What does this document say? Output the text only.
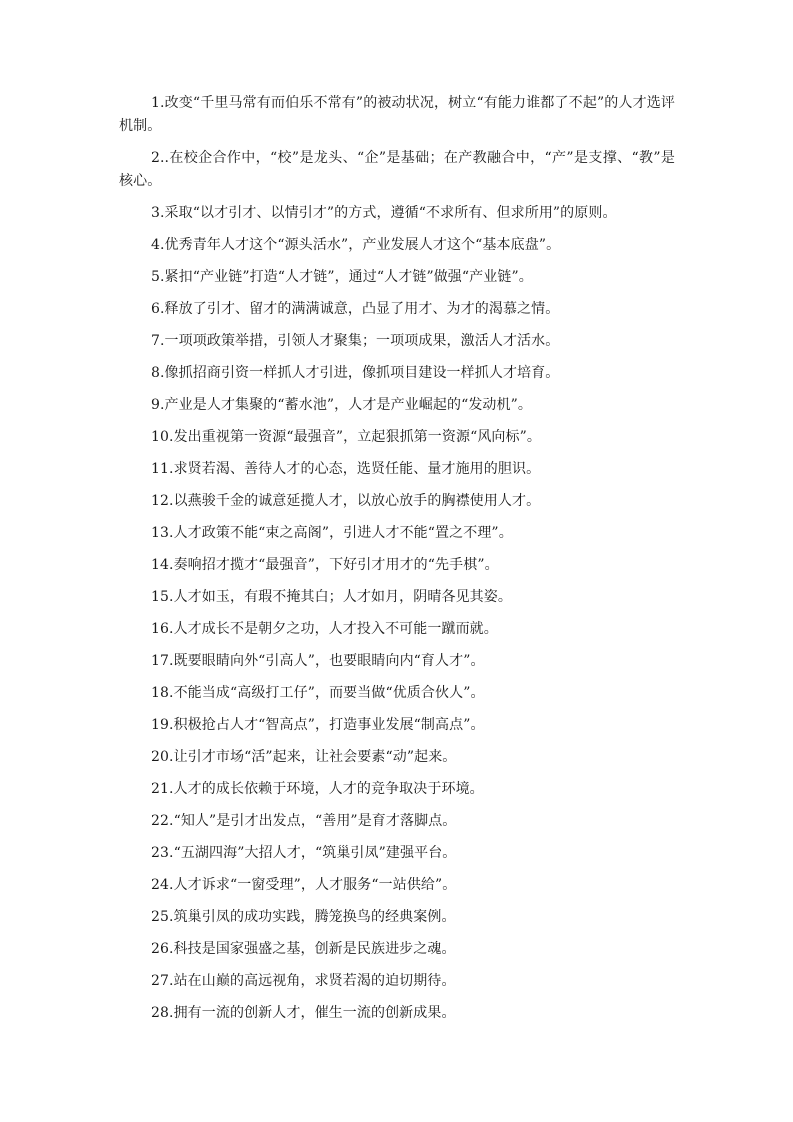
1.改变“千里马常有而伯乐不常有”的被动状况，树立“有能力谁都了不起”的人才选评机制。

2..在校企合作中，“校”是龙头、“企”是基础；在产教融合中，“产”是支撑、“教”是核心。

3.采取“以才引才、以情引才”的方式，遵循“不求所有、但求所用”的原则。

4.优秀青年人才这个“源头活水”，产业发展人才这个“基本底盘”。

5.紧扣“产业链”打造“人才链”，通过“人才链”做强“产业链”。

6.释放了引才、留才的满满诚意，凸显了用才、为才的渴慕之情。

7.一项项政策举措，引领人才聚集；一项项成果，激活人才活水。

8.像抓招商引资一样抓人才引进，像抓项目建设一样抓人才培育。

9.产业是人才集聚的“蓄水池”，人才是产业崛起的“发动机”。

10.发出重视第一资源“最强音”，立起狠抓第一资源“风向标”。

11.求贤若渴、善待人才的心态，选贤任能、量才施用的胆识。

12.以燕骏千金的诚意延揽人才，以放心放手的胸襟使用人才。

13.人才政策不能“束之高阁”，引进人才不能“置之不理”。

14.奏响招才揽才“最强音”，下好引才用才的“先手棋”。

15.人才如玉，有瑕不掩其白；人才如月，阴晴各见其姿。

16.人才成长不是朝夕之功，人才投入不可能一蹴而就。

17.既要眼睛向外“引高人”，也要眼睛向内“育人才”。

18.不能当成“高级打工仔”，而要当做“优质合伙人”。

19.积极抢占人才“智高点”，打造事业发展“制高点”。

20.让引才市场“活”起来，让社会要素“动”起来。

21.人才的成长依赖于环境，人才的竞争取决于环境。

22.“知人”是引才出发点，“善用”是育才落脚点。

23.“五湖四海”大招人才，“筑巢引凤”建强平台。

24.人才诉求“一窗受理”，人才服务“一站供给”。

25.筑巢引凤的成功实践，腾笼换鸟的经典案例。

26.科技是国家强盛之基，创新是民族进步之魂。

27.站在山巅的高远视角，求贤若渴的迫切期待。

28.拥有一流的创新人才，催生一流的创新成果。
